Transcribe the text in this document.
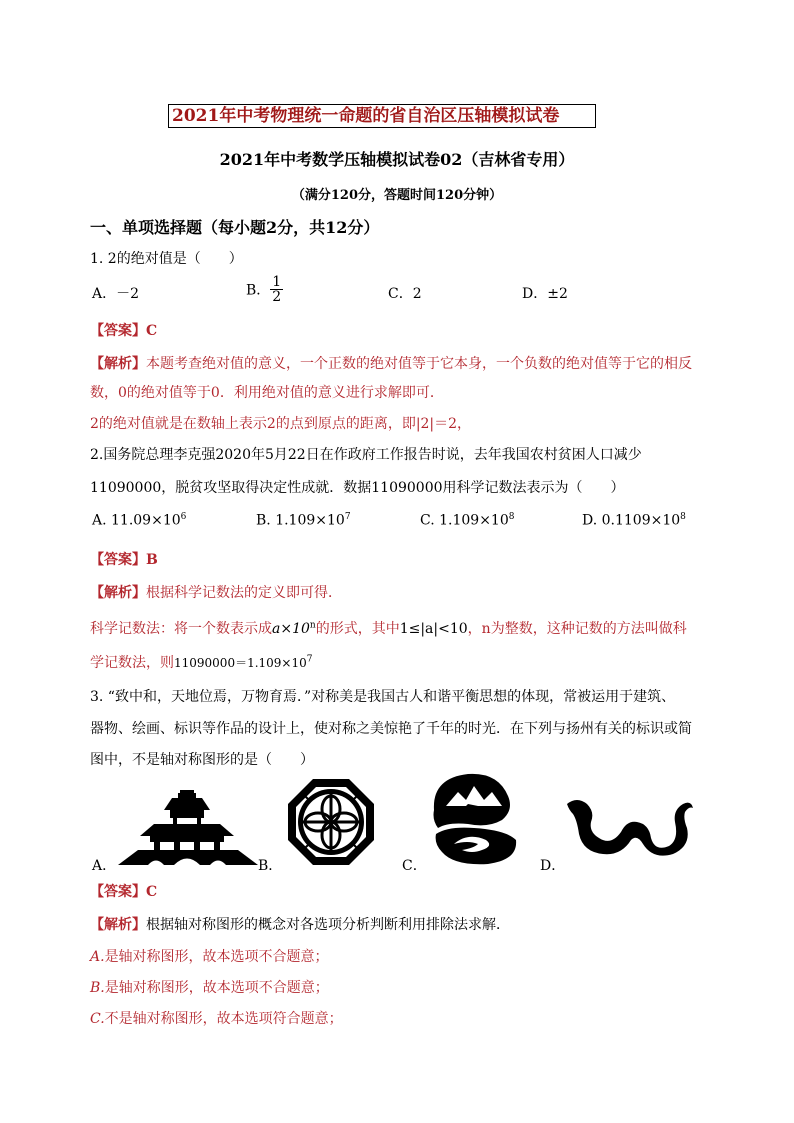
2021年中考物理统一命题的省自治区压轴模拟试卷
2021年中考数学压轴模拟试卷02（吉林省专用）
（满分120分，答题时间120分钟）
一、单项选择题（每小题2分，共12分）
1. 2的绝对值是（　　）
A．－2	B． $\frac{1}{2}$	C．2	D．±2
【答案】C
【解析】本题考查绝对值的意义，一个正数的绝对值等于它本身，一个负数的绝对值等于它的相反
数，0的绝对值等于0．利用绝对值的意义进行求解即可．
2的绝对值就是在数轴上表示2的点到原点的距离，即|2|＝2，
2.国务院总理李克强2020年5月22日在作政府工作报告时说，去年我国农村贫困人口减少
11090000，脱贫攻坚取得决定性成就．数据11090000用科学记数法表示为（　　）
A. $11.09\times 10^6$	B. $1.109\times 10^7$	C. $1.109\times 10^8$	D. $0.1109\times 10^8$
【答案】B
【解析】根据科学记数法的定义即可得．
科学记数法：将一个数表示成$a\times 10^n$的形式，其中1≤|a|<10，n为整数，这种记数的方法叫做科
学记数法，则$11090000=1.109\times 10^7$
3. “致中和，天地位焉，万物育焉．”对称美是我国古人和谐平衡思想的体现，常被运用于建筑、
器物、绘画、标识等作品的设计上，使对称之美惊艳了千年的时光．在下列与扬州有关的标识或简
图中，不是轴对称图形的是（　　）
A．	B．	C．	D．
【答案】C
【解析】根据轴对称图形的概念对各选项分析判断利用排除法求解．
A.是轴对称图形，故本选项不合题意；
B.是轴对称图形，故本选项不合题意；
C.不是轴对称图形，故本选项符合题意；
